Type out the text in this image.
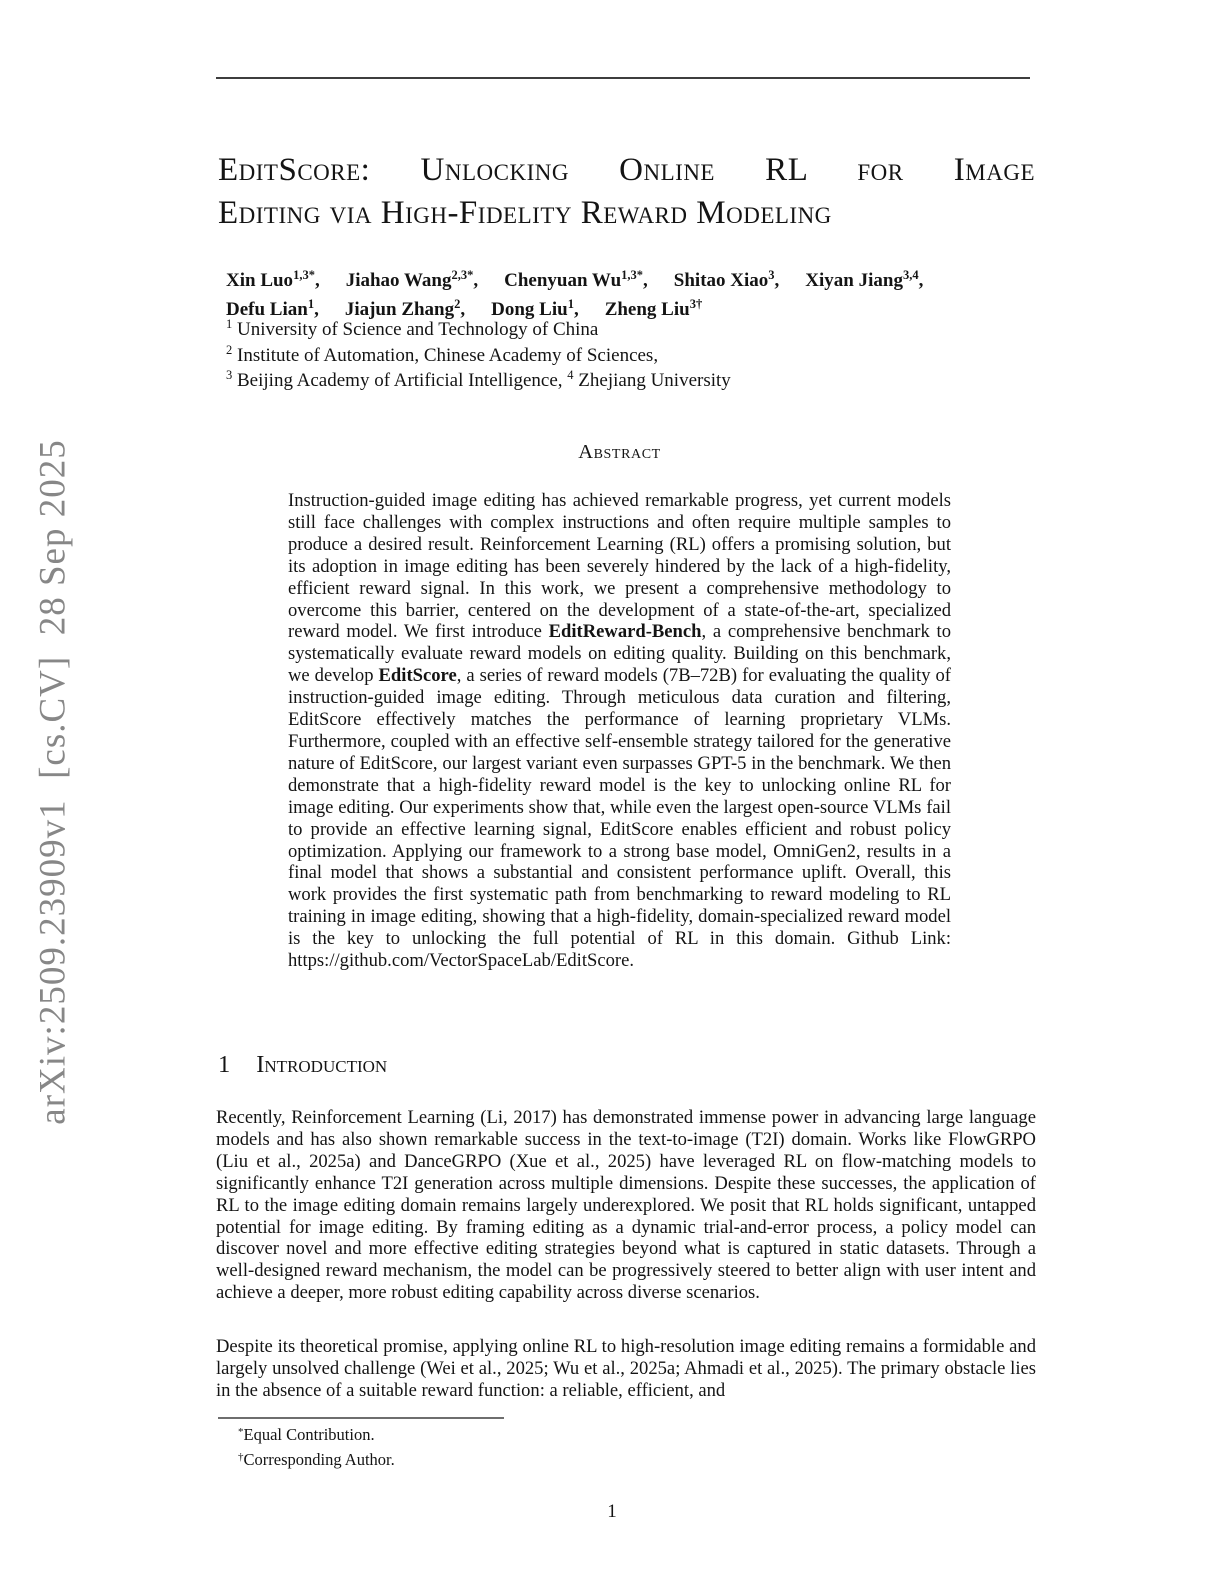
arXiv:2509.23909v1  [cs.CV]  28 Sep 2025
EditScore: Unlocking Online RL for Image
Editing via High-Fidelity Reward Modeling
Xin Luo$^{1,3*}$, Jiahao Wang$^{2,3*}$, Chenyuan $Wu^{1,3*}$, Shitao Xiao$^3$, Xiyan Jiang$^{3,4}$,
Defu Lian$^1$, Jiajun Zhang$^2$, Dong Liu$^1$, Zheng Liu$^{3\dagger}$
$^1$ University of Science and Technology of China
$^2$ Institute of Automation, Chinese Academy of Sciences,
$^3$ Beijing Academy of Artificial Intelligence, $^4$ Zhejiang University
Abstract
Instruction-guided image editing has achieved remarkable progress, yet current models still face challenges with complex instructions and often require multiple samples to produce a desired result. Reinforcement Learning (RL) offers a promising solution, but its adoption in image editing has been severely hindered by the lack of a high-fidelity, efficient reward signal. In this work, we present a comprehensive methodology to overcome this barrier, centered on the development of a state-of-the-art, specialized reward model. We first introduce EditReward-Bench, a comprehensive benchmark to systematically evaluate reward models on editing quality. Building on this benchmark, we develop EditScore, a series of reward models (7B–72B) for evaluating the quality of instruction-guided image editing. Through meticulous data curation and filtering, EditScore effectively matches the performance of learning proprietary VLMs. Furthermore, coupled with an effective self-ensemble strategy tailored for the generative nature of EditScore, our largest variant even surpasses GPT-5 in the benchmark. We then demonstrate that a high-fidelity reward model is the key to unlocking online RL for image editing. Our experiments show that, while even the largest open-source VLMs fail to provide an effective learning signal, EditScore enables efficient and robust policy optimization. Applying our framework to a strong base model, OmniGen2, results in a final model that shows a substantial and consistent performance uplift. Overall, this work provides the first systematic path from benchmarking to reward modeling to RL training in image editing, showing that a high-fidelity, domain-specialized reward model is the key to unlocking the full potential of RL in this domain. Github Link: https://github.com/VectorSpaceLab/EditScore.
1 Introduction
Recently, Reinforcement Learning (Li, 2017) has demonstrated immense power in advancing large language models and has also shown remarkable success in the text-to-image (T2I) domain. Works like FlowGRPO (Liu et al., 2025a) and DanceGRPO (Xue et al., 2025) have leveraged RL on flow-matching models to significantly enhance T2I generation across multiple dimensions. Despite these successes, the application of RL to the image editing domain remains largely underexplored. We posit that RL holds significant, untapped potential for image editing. By framing editing as a dynamic trial-and-error process, a policy model can discover novel and more effective editing strategies beyond what is captured in static datasets. Through a well-designed reward mechanism, the model can be progressively steered to better align with user intent and achieve a deeper, more robust editing capability across diverse scenarios.
Despite its theoretical promise, applying online RL to high-resolution image editing remains a formidable and largely unsolved challenge (Wei et al., 2025; Wu et al., 2025a; Ahmadi et al., 2025). The primary obstacle lies in the absence of a suitable reward function: a reliable, efficient, and
*Equal Contribution.
†Corresponding Author.
1
